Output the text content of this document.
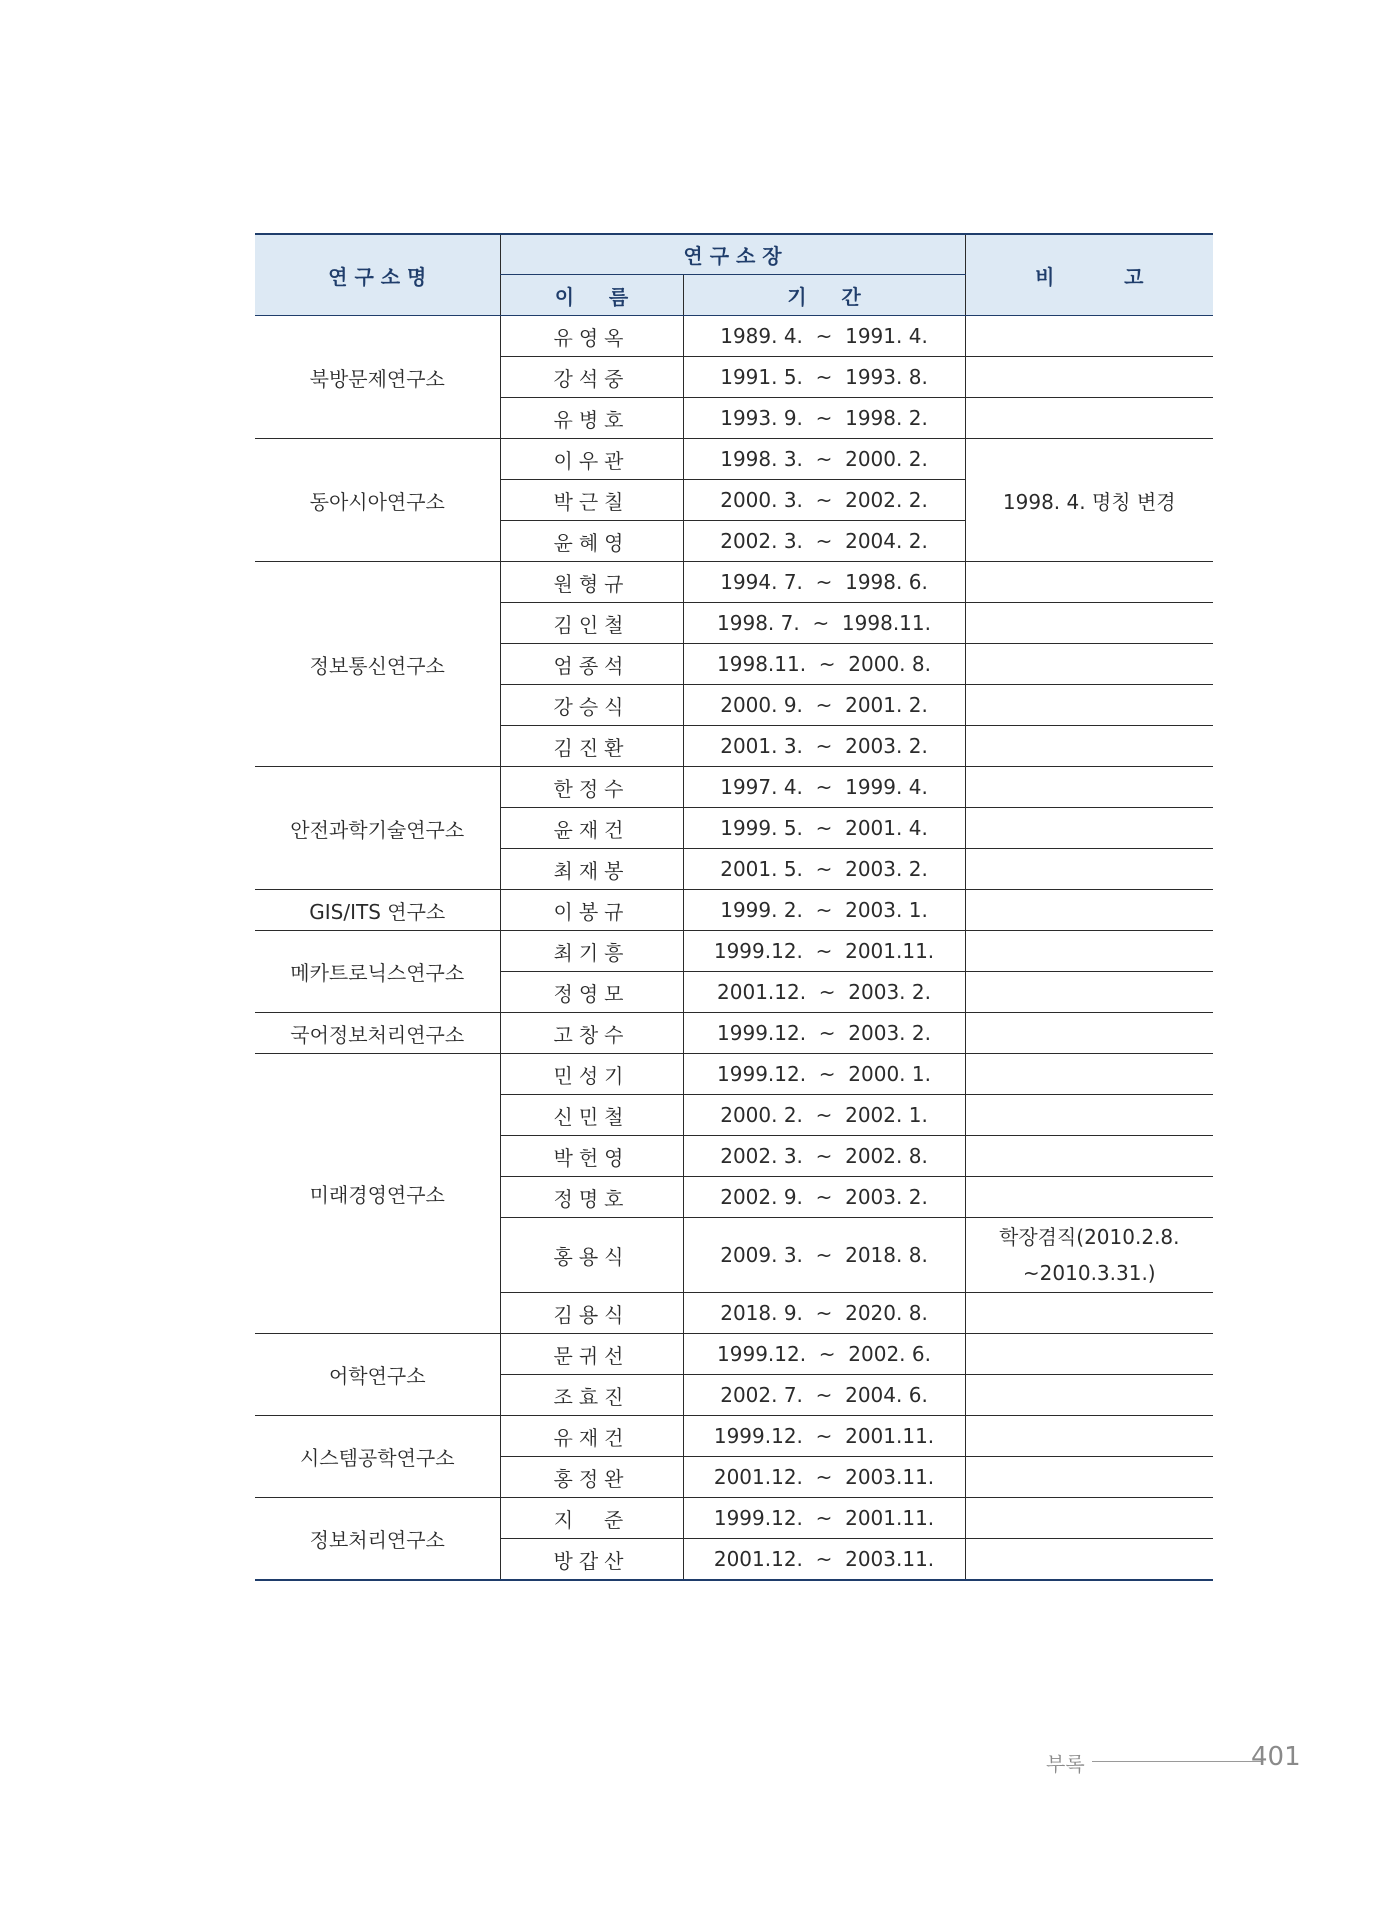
연 구 소 명	연 구 소 장		비          고
	이     름	기     간	
북방문제연구소	유영옥	1989. 4.  ~  1991. 4.	
	강석중	1991. 5.  ~  1993. 8.	
	유병호	1993. 9.  ~  1998. 2.	
동아시아연구소	이우관	1998. 3.  ~  2000. 2.	1998. 4. 명칭 변경
	박근칠	2000. 3.  ~  2002. 2.	
	윤혜영	2002. 3.  ~  2004. 2.	
정보통신연구소	원형규	1994. 7.  ~  1998. 6.	
	김인철	1998. 7.  ~  1998.11.	
	엄종석	1998.11.  ~  2000. 8.	
	강승식	2000. 9.  ~  2001. 2.	
	김진환	2001. 3.  ~  2003. 2.	
안전과학기술연구소	한정수	1997. 4.  ~  1999. 4.	
	윤재건	1999. 5.  ~  2001. 4.	
	최재봉	2001. 5.  ~  2003. 2.	
GIS/ITS 연구소	이봉규	1999. 2.  ~  2003. 1.	
메카트로닉스연구소	최기흥	1999.12.  ~  2001.11.	
	정영모	2001.12.  ~  2003. 2.	
국어정보처리연구소	고창수	1999.12.  ~  2003. 2.	
미래경영연구소	민성기	1999.12.  ~  2000. 1.	
	신민철	2000. 2.  ~  2002. 1.	
	박헌영	2002. 3.  ~  2002. 8.	
	정명호	2002. 9.  ~  2003. 2.	
	홍용식	2009. 3.  ~  2018. 8.	학장겸직(2010.2.8.
~2010.3.31.)

	김용식	2018. 9.  ~  2020. 8.	
어학연구소	문귀선	1999.12.  ~  2002. 6.	
	조효진	2002. 7.  ~  2004. 6.	
시스템공학연구소	유재건	1999.12.  ~  2001.11.	
	홍정완	2001.12.  ~  2003.11.	
정보처리연구소	지  준	1999.12.  ~  2001.11.	
	방갑산	2001.12.  ~  2003.11.	
부록	401
